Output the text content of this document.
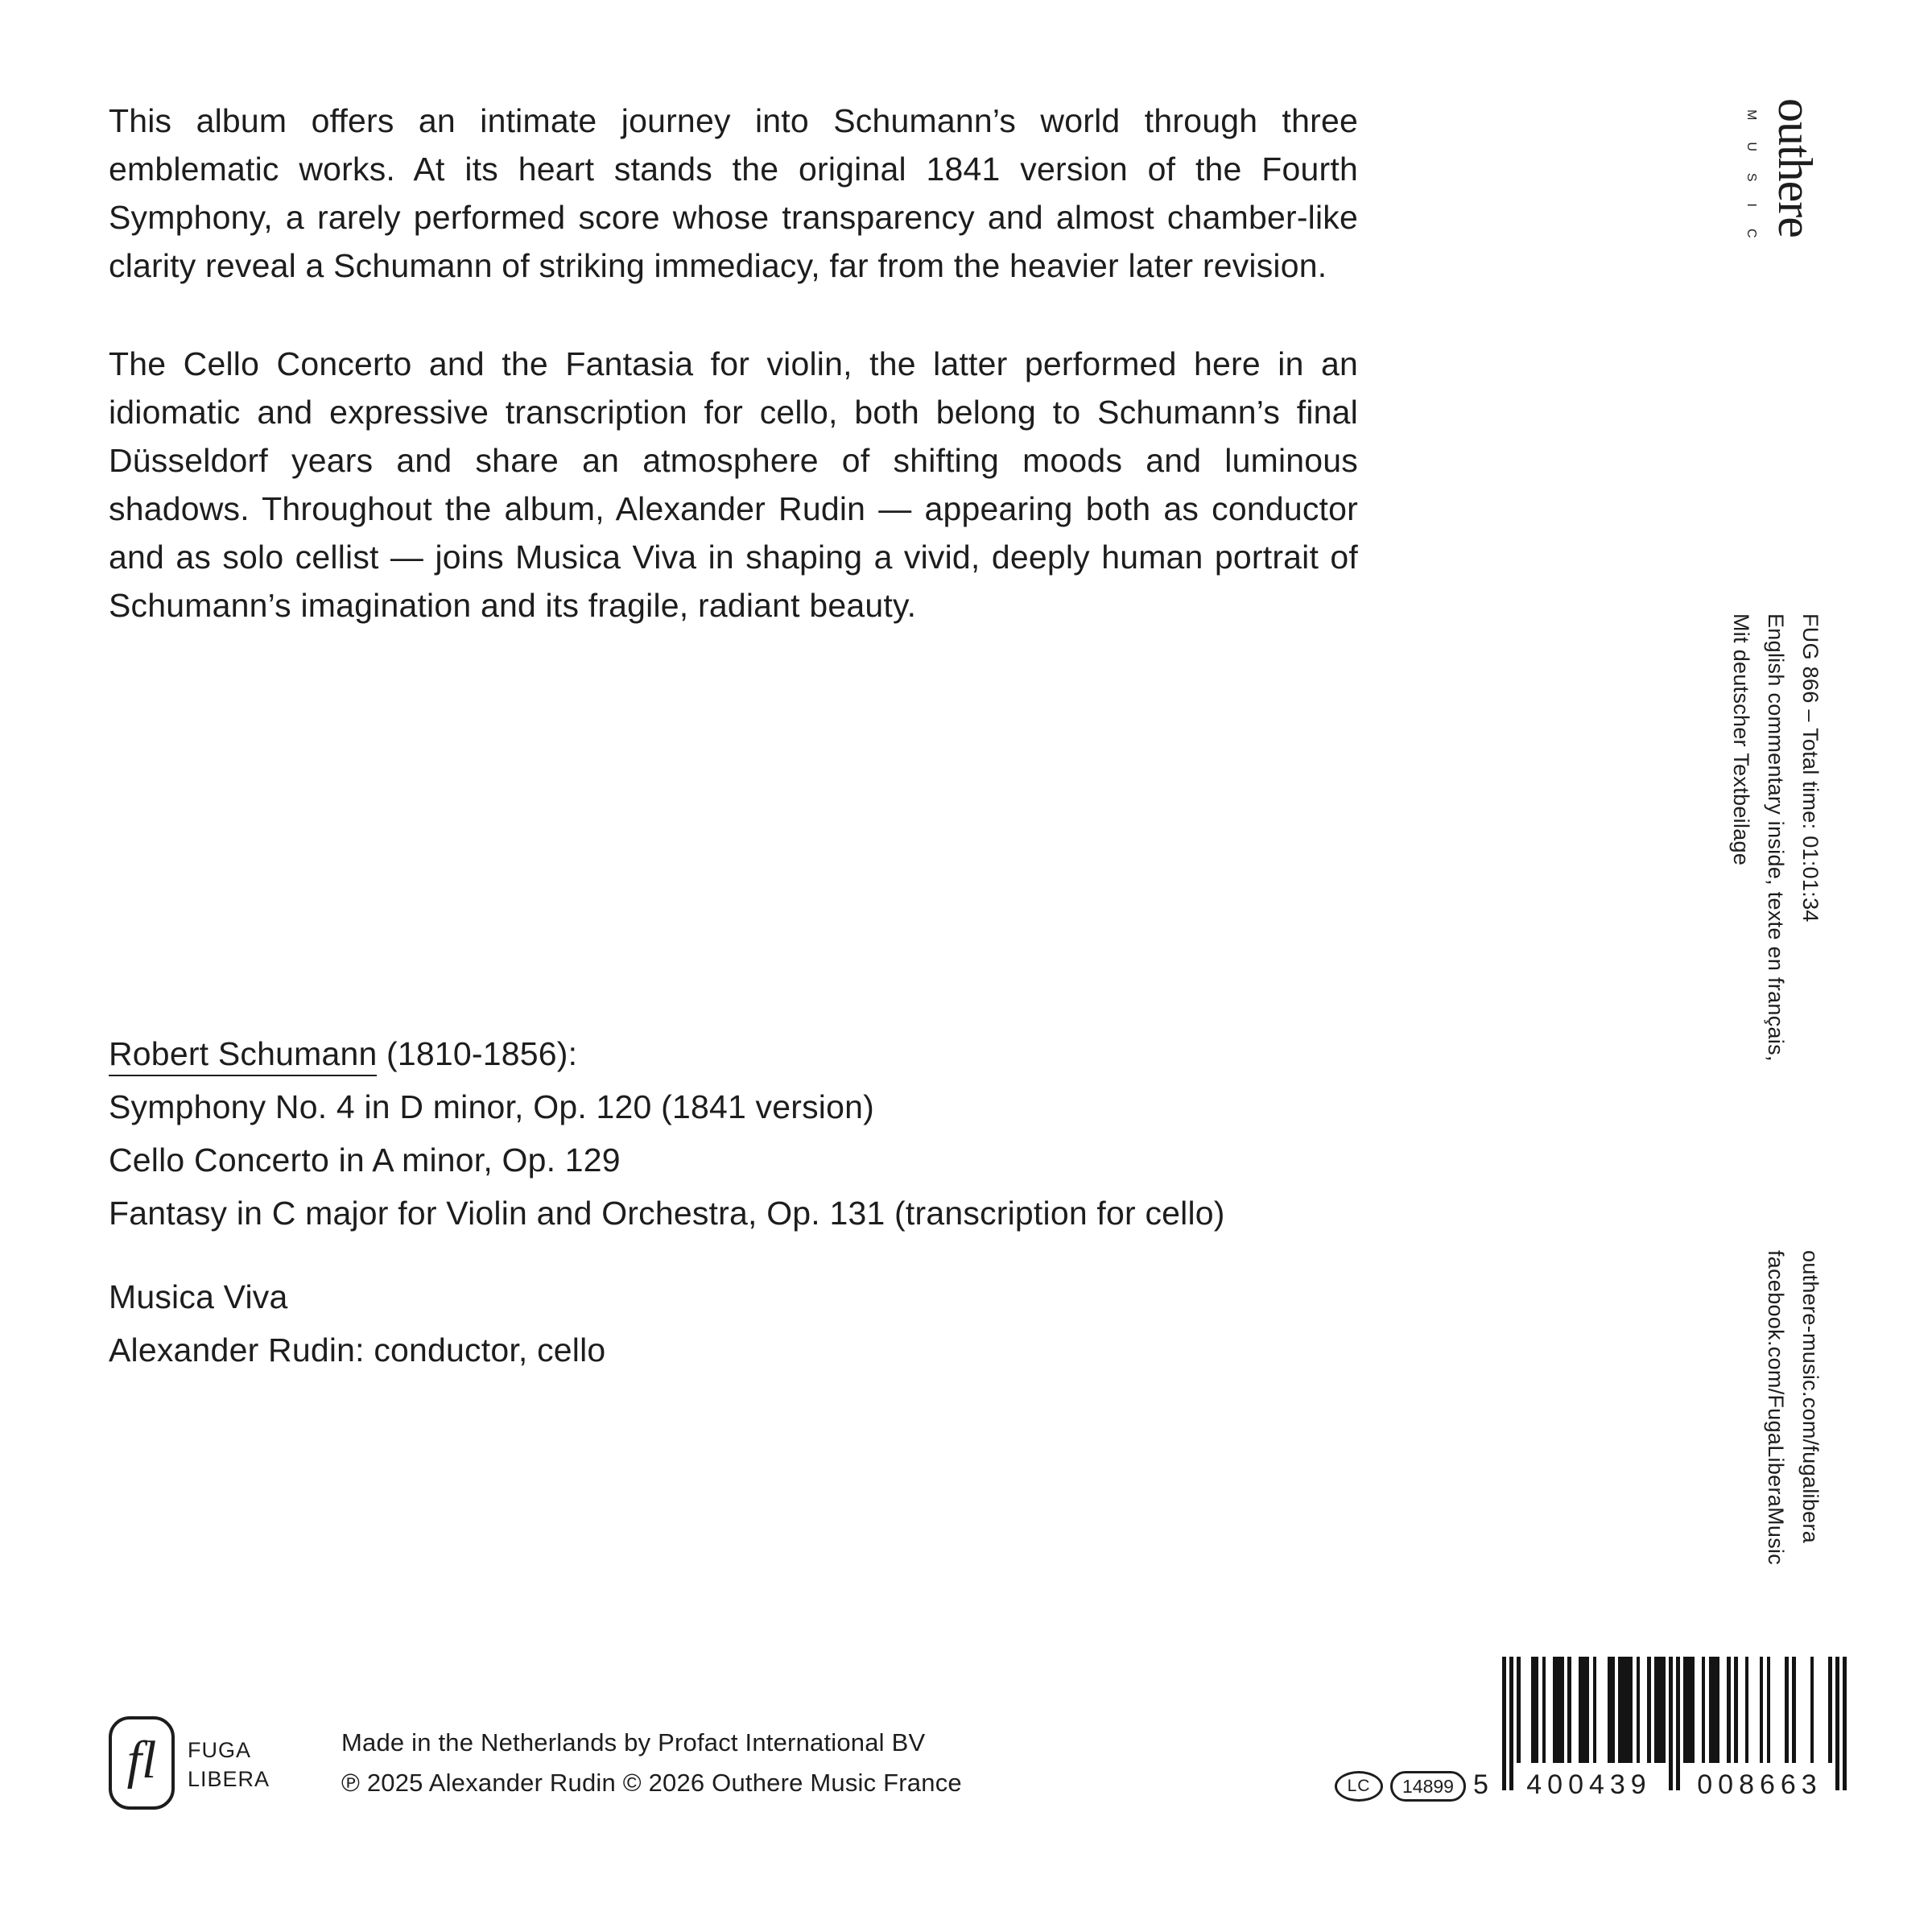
This album offers an intimate journey into Schumann’s world through three emblematic works. At its heart stands the original 1841 version of the Fourth Symphony, a rarely performed score whose transparency and almost chamber-like clarity reveal a Schumann of striking immediacy, far from the heavier later revision.

The Cello Concerto and the Fantasia for violin, the latter performed here in an idiomatic and expressive transcription for cello, both belong to Schumann’s final Düsseldorf years and share an atmosphere of shifting moods and luminous shadows. Throughout the album, Alexander Rudin — appearing both as conductor and as solo cellist — joins Musica Viva in shaping a vivid, deeply human portrait of Schumann’s imagination and its fragile, radiant beauty.

Robert Schumann (1810-1856):
Symphony No. 4 in D minor, Op. 120 (1841 version)
Cello Concerto in A minor, Op. 129
Fantasy in C major for Violin and Orchestra, Op. 131 (transcription for cello)
Musica Viva
Alexander Rudin: conductor, cello
outhere
MUSIC
FUG 866 – Total time: 01:01:34
English commentary inside, texte en français,
Mit deutscher Textbeilage
outhere-music.com/fugalibera
facebook.com/FugaLiberaMusic
fl FUGA
LIBERA
Made in the Netherlands by Profact International BV
℗ 2025 Alexander Rudin © 2026 Outhere Music France	LC	14899 5	400439	008663
